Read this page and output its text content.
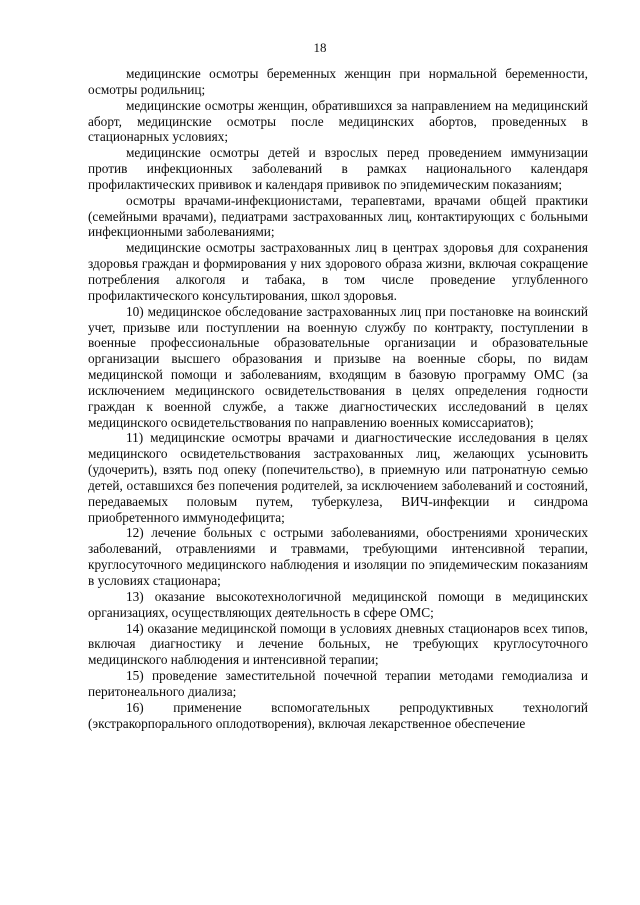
18

медицинские осмотры беременных женщин при нормальной беременности, осмотры родильниц;

медицинские осмотры женщин, обратившихся за направлением на медицинский аборт, медицинские осмотры после медицинских абортов, проведенных в стационарных условиях;

медицинские осмотры детей и взрослых перед проведением иммунизации против инфекционных заболеваний в рамках национального календаря профилактических прививок и календаря прививок по эпидемическим показаниям;

осмотры врачами-инфекционистами, терапевтами, врачами общей практики (семейными врачами), педиатрами застрахованных лиц, контактирующих с больными инфекционными заболеваниями;

медицинские осмотры застрахованных лиц в центрах здоровья для сохранения здоровья граждан и формирования у них здорового образа жизни, включая сокращение потребления алкоголя и табака, в том числе проведение углубленного профилактического консультирования, школ здоровья.

10) медицинское обследование застрахованных лиц при постановке на воинский учет, призыве или поступлении на военную службу по контракту, поступлении в военные профессиональные образовательные организации и образовательные организации высшего образования и призыве на военные сборы, по видам медицинской помощи и заболеваниям, входящим в базовую программу ОМС (за исключением медицинского освидетельствования в целях определения годности граждан к военной службе, а также диагностических исследований в целях медицинского освидетельствования по направлению военных комиссариатов);

11) медицинские осмотры врачами и диагностические исследования в целях медицинского освидетельствования застрахованных лиц, желающих усыновить (удочерить), взять под опеку (попечительство), в приемную или патронатную семью детей, оставшихся без попечения родителей, за исключением заболеваний и состояний, передаваемых половым путем, туберкулеза, ВИЧ-инфекции и синдрома приобретенного иммунодефицита;

12) лечение больных с острыми заболеваниями, обострениями хронических заболеваний, отравлениями и травмами, требующими интенсивной терапии, круглосуточного медицинского наблюдения и изоляции по эпидемическим показаниям в условиях стационара;

13) оказание высокотехнологичной медицинской помощи в медицинских организациях, осуществляющих деятельность в сфере ОМС;

14) оказание медицинской помощи в условиях дневных стационаров всех типов, включая диагностику и лечение больных, не требующих круглосуточного медицинского наблюдения и интенсивной терапии;

15) проведение заместительной почечной терапии методами гемодиализа и перитонеального диализа;

16) применение вспомогательных репродуктивных технологий (экстракорпорального оплодотворения), включая лекарственное обеспечение
